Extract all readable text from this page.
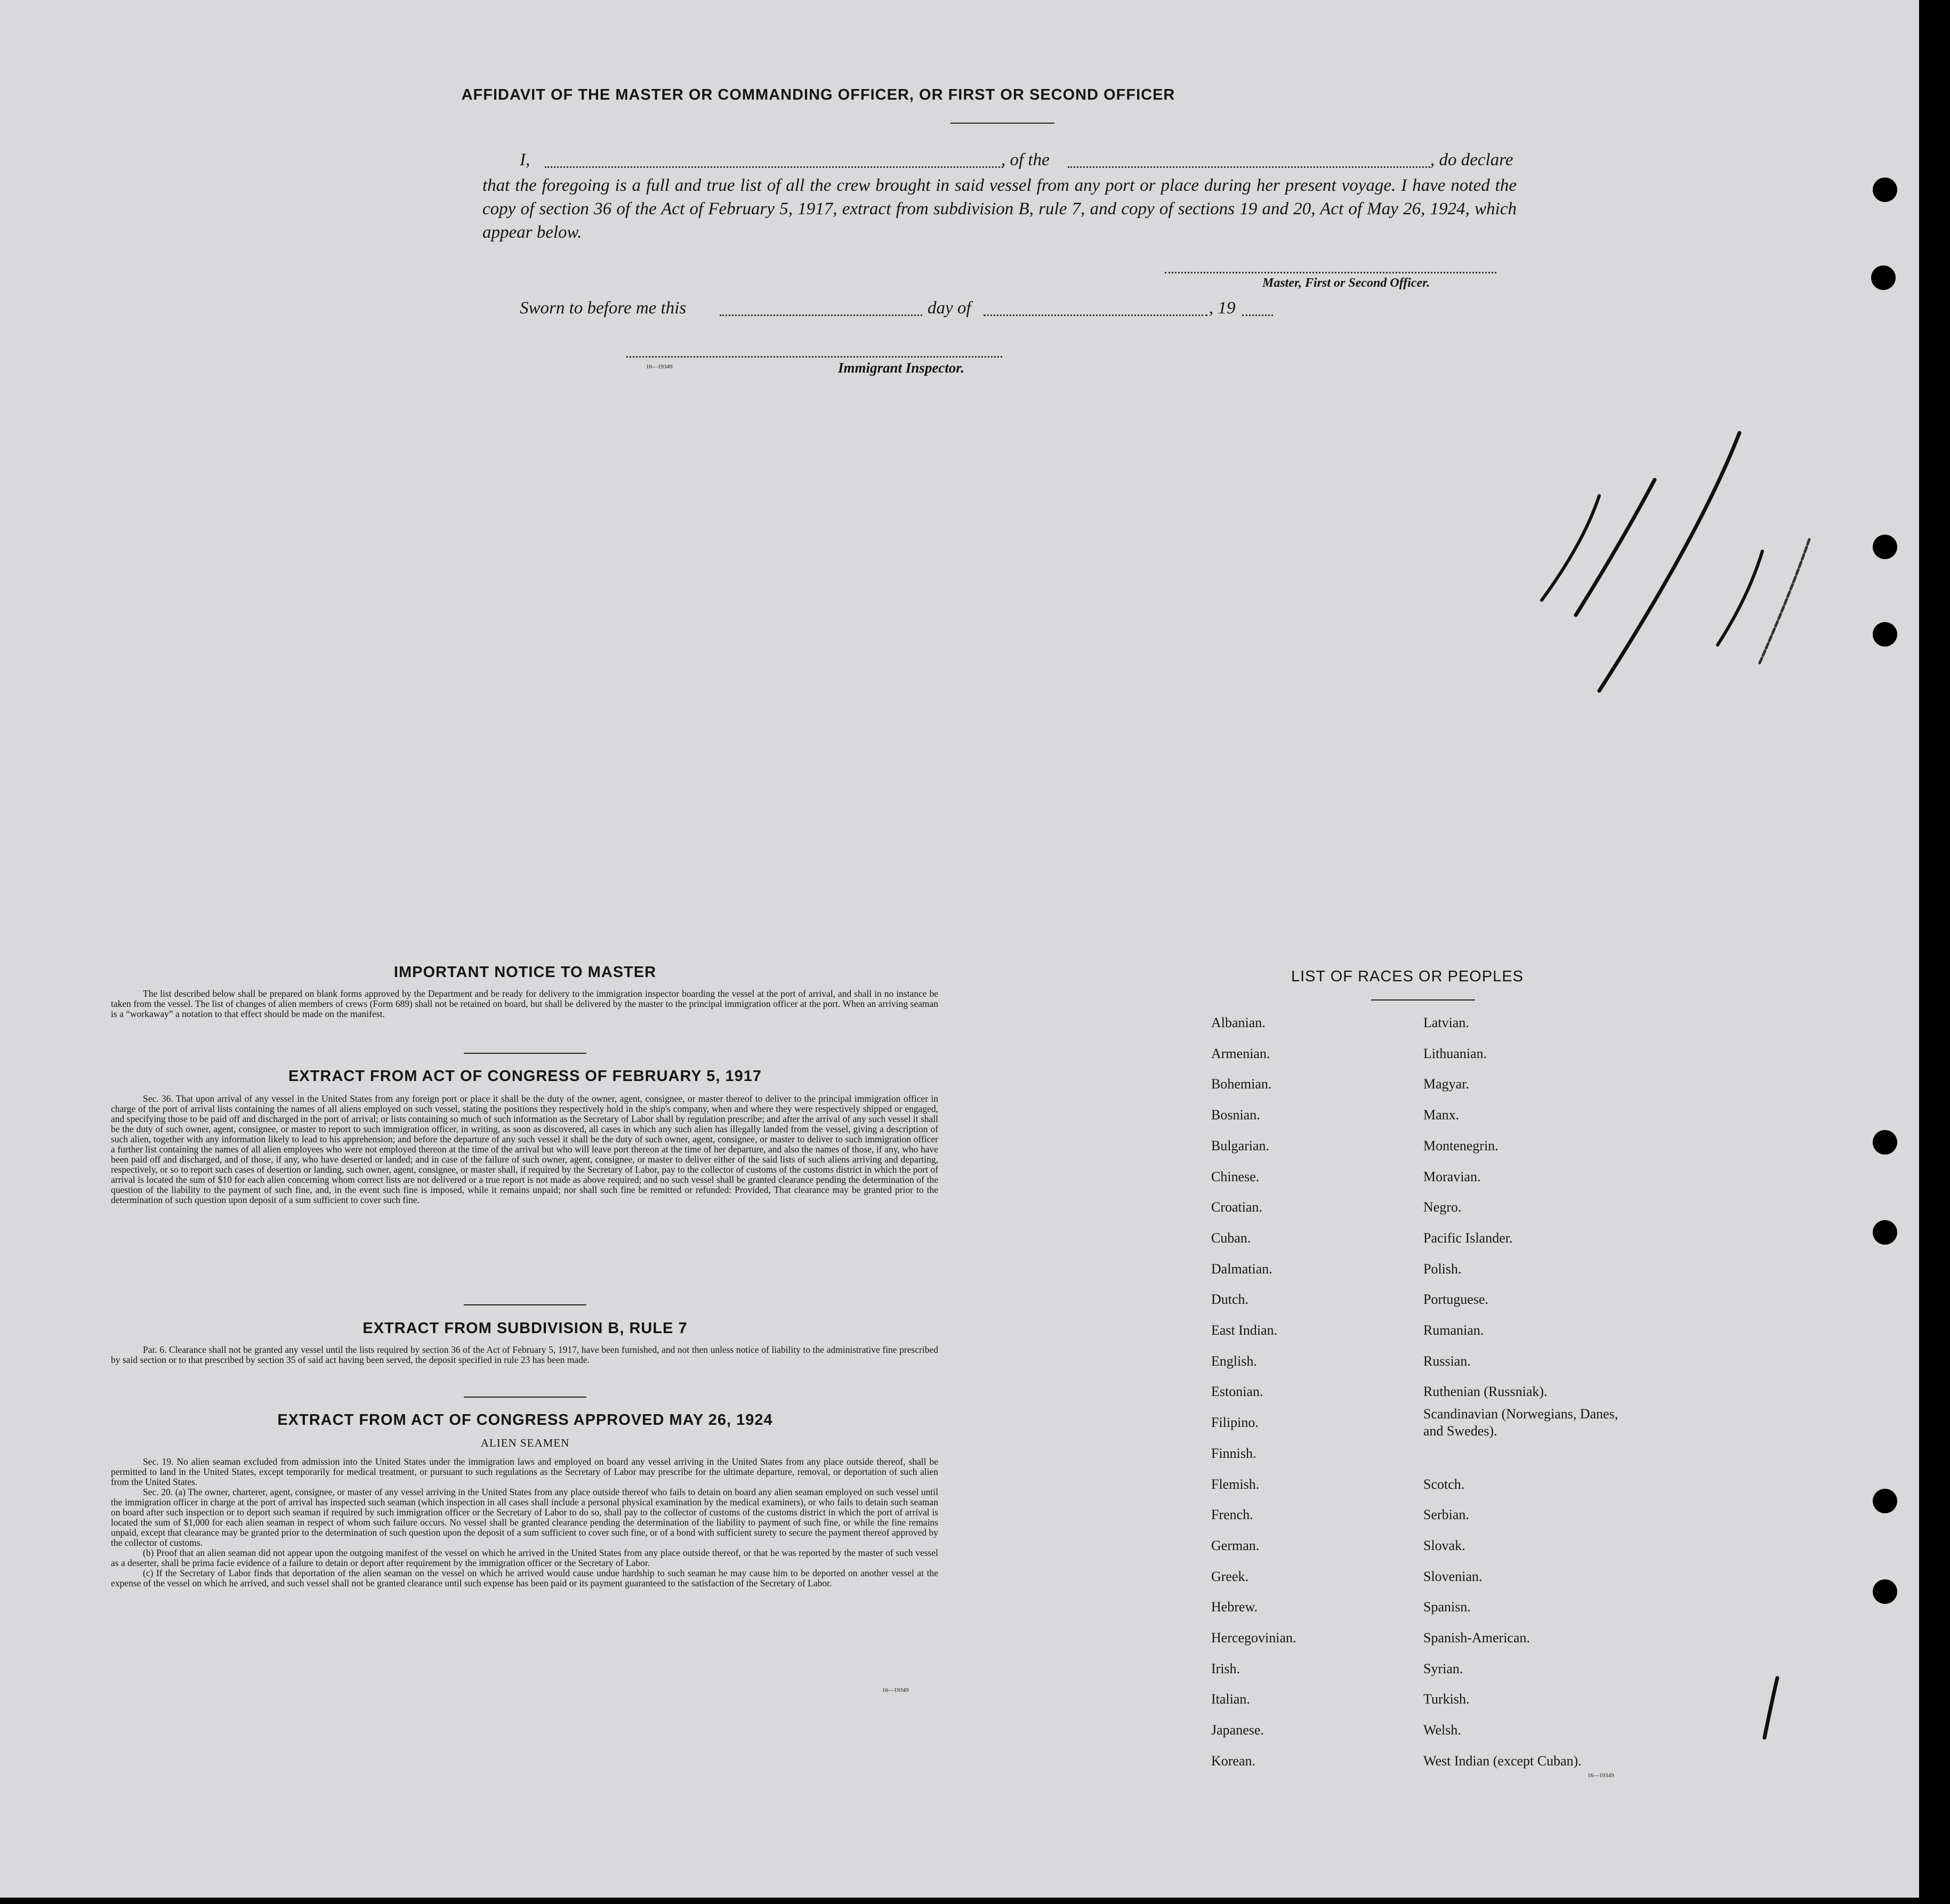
AFFIDAVIT OF THE MASTER OR COMMANDING OFFICER, OR FIRST OR SECOND OFFICER
I,	, of the	, do declare
that the foregoing is a full and true list of all the crew brought in said vessel from any port or place during her present voyage. I have noted the copy of section 36 of the Act of February 5, 1917, extract from subdivision B, rule 7, and copy of sections 19 and 20, Act of May 26, 1924, which appear below.
Master, First or Second Officer.
Sworn to before me this	day of	, 19
16—19349	Immigrant Inspector.
IMPORTANT NOTICE TO MASTER

The list described below shall be prepared on blank forms approved by the Department and be ready for delivery to the immigration inspector boarding the vessel at the port of arrival, and shall in no instance be taken from the vessel. The list of changes of alien members of crews (Form 689) shall not be retained on board, but shall be delivered by the master to the principal immigration officer at the port. When an arriving seaman is a “workaway” a notation to that effect should be made on the manifest.

EXTRACT FROM ACT OF CONGRESS OF FEBRUARY 5, 1917

Sec. 36. That upon arrival of any vessel in the United States from any foreign port or place it shall be the duty of the owner, agent, consignee, or master thereof to deliver to the principal immigration officer in charge of the port of arrival lists containing the names of all aliens employed on such vessel, stating the positions they respectively hold in the ship's company, when and where they were respectively shipped or engaged, and specifying those to be paid off and discharged in the port of arrival; or lists containing so much of such information as the Secretary of Labor shall by regulation prescribe; and after the arrival of any such vessel it shall be the duty of such owner, agent, consignee, or master to report to such immigration officer, in writing, as soon as discovered, all cases in which any such alien has illegally landed from the vessel, giving a description of such alien, together with any information likely to lead to his apprehension; and before the departure of any such vessel it shall be the duty of such owner, agent, consignee, or master to deliver to such immigration officer a further list containing the names of all alien employees who were not employed thereon at the time of the arrival but who will leave port thereon at the time of her departure, and also the names of those, if any, who have been paid off and discharged, and of those, if any, who have deserted or landed; and in case of the failure of such owner, agent, consignee, or master to deliver either of the said lists of such aliens arriving and departing, respectively, or so to report such cases of desertion or landing, such owner, agent, consignee, or master shall, if required by the Secretary of Labor, pay to the collector of customs of the customs district in which the port of arrival is located the sum of $10 for each alien concerning whom correct lists are not delivered or a true report is not made as above required; and no such vessel shall be granted clearance pending the determination of the question of the liability to the payment of such fine, and, in the event such fine is imposed, while it remains unpaid; nor shall such fine be remitted or refunded: Provided, That clearance may be granted prior to the determination of such question upon deposit of a sum sufficient to cover such fine.

EXTRACT FROM SUBDIVISION B, RULE 7

Par. 6. Clearance shall not be granted any vessel until the lists required by section 36 of the Act of February 5, 1917, have been furnished, and not then unless notice of liability to the administrative fine prescribed by said section or to that prescribed by section 35 of said act having been served, the deposit specified in rule 23 has been made.

EXTRACT FROM ACT OF CONGRESS APPROVED MAY 26, 1924
ALIEN SEAMEN

Sec. 19. No alien seaman excluded from admission into the United States under the immigration laws and employed on board any vessel arriving in the United States from any place outside thereof, shall be permitted to land in the United States, except temporarily for medical treatment, or pursuant to such regulations as the Secretary of Labor may prescribe for the ultimate departure, removal, or deportation of such alien from the United States.

Sec. 20. (a) The owner, charterer, agent, consignee, or master of any vessel arriving in the United States from any place outside thereof who fails to detain on board any alien seaman employed on such vessel until the immigration officer in charge at the port of arrival has inspected such seaman (which inspection in all cases shall include a personal physical examination by the medical examiners), or who fails to detain such seaman on board after such inspection or to deport such seaman if required by such immigration officer or the Secretary of Labor to do so, shall pay to the collector of customs of the customs district in which the port of arrival is located the sum of $1,000 for each alien seaman in respect of whom such failure occurs. No vessel shall be granted clearance pending the determination of the liability to payment of such fine, or while the fine remains unpaid, except that clearance may be granted prior to the determination of such question upon the deposit of a sum sufficient to cover such fine, or of a bond with sufficient surety to secure the payment thereof approved by the collector of customs.

(b) Proof that an alien seaman did not appear upon the outgoing manifest of the vessel on which he arrived in the United States from any place outside thereof, or that he was reported by the master of such vessel as a deserter, shall be prima facie evidence of a failure to detain or deport after requirement by the immigration officer or the Secretary of Labor.

(c) If the Secretary of Labor finds that deportation of the alien seaman on the vessel on which he arrived would cause undue hardship to such seaman he may cause him to be deported on another vessel at the expense of the vessel on which he arrived, and such vessel shall not be granted clearance until such expense has been paid or its payment guaranteed to the satisfaction of the Secretary of Labor.

16—19349
LIST OF RACES OR PEOPLES
Albanian.
Armenian.
Bohemian.
Bosnian.
Bulgarian.
Chinese.
Croatian.
Cuban.
Dalmatian.
Dutch.
East Indian.
English.
Estonian.
Filipino.
Finnish.
Flemish.
French.
German.
Greek.
Hebrew.
Hercegovinian.
Irish.
Italian.
Japanese.
Korean.
Latvian.
Lithuanian.
Magyar.
Manx.
Montenegrin.
Moravian.
Negro.
Pacific Islander.
Polish.
Portuguese.
Rumanian.
Russian.
Ruthenian (Russniak).
Scandinavian (Norwegians, Danes, and Swedes).
Scotch.
Serbian.
Slovak.
Slovenian.
Spanisn.
Spanish-American.
Syrian.
Turkish.
Welsh.
West Indian (except Cuban).
16—19349
